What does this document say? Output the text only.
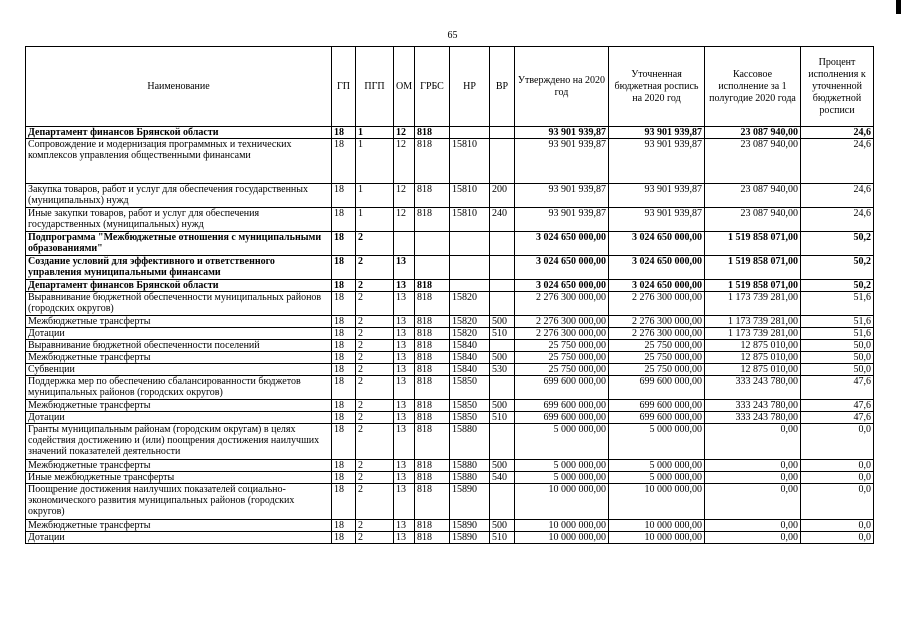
65
Наименование	ГП	ПГП	ОМ	ГРБС	НР	ВР	Утверждено на 2020 год	Уточненная бюджетная роспись на 2020 год	Кассовое исполнение за 1 полугодие 2020 года	Процент исполнения к уточненной бюджетной росписи
Департамент финансов Брянской области	18	1	12	818			93 901 939,87	93 901 939,87	23 087 940,00	24,6
Сопровождение и модернизация программных и технических комплексов управления общественными финансами	18	1	12	818	15810		93 901 939,87	93 901 939,87	23 087 940,00	24,6
Закупка товаров, работ и услуг для обеспечения государственных (муниципальных) нужд	18	1	12	818	15810	200	93 901 939,87	93 901 939,87	23 087 940,00	24,6
Иные закупки товаров, работ и услуг для обеспечения государственных (муниципальных) нужд	18	1	12	818	15810	240	93 901 939,87	93 901 939,87	23 087 940,00	24,6
Подпрограмма "Межбюджетные отношения с муниципальными образованиями"	18	2					3 024 650 000,00	3 024 650 000,00	1 519 858 071,00	50,2
Создание условий для эффективного и ответственного управления муниципальными финансами	18	2	13				3 024 650 000,00	3 024 650 000,00	1 519 858 071,00	50,2
Департамент финансов Брянской области	18	2	13	818			3 024 650 000,00	3 024 650 000,00	1 519 858 071,00	50,2
Выравнивание бюджетной обеспеченности муниципальных районов (городских округов)	18	2	13	818	15820		2 276 300 000,00	2 276 300 000,00	1 173 739 281,00	51,6
Межбюджетные трансферты	18	2	13	818	15820	500	2 276 300 000,00	2 276 300 000,00	1 173 739 281,00	51,6
Дотации	18	2	13	818	15820	510	2 276 300 000,00	2 276 300 000,00	1 173 739 281,00	51,6
Выравнивание бюджетной обеспеченности поселений	18	2	13	818	15840		25 750 000,00	25 750 000,00	12 875 010,00	50,0
Межбюджетные трансферты	18	2	13	818	15840	500	25 750 000,00	25 750 000,00	12 875 010,00	50,0
Субвенции	18	2	13	818	15840	530	25 750 000,00	25 750 000,00	12 875 010,00	50,0
Поддержка мер по обеспечению сбалансированности бюджетов муниципальных районов (городских округов)	18	2	13	818	15850		699 600 000,00	699 600 000,00	333 243 780,00	47,6
Межбюджетные трансферты	18	2	13	818	15850	500	699 600 000,00	699 600 000,00	333 243 780,00	47,6
Дотации	18	2	13	818	15850	510	699 600 000,00	699 600 000,00	333 243 780,00	47,6
Гранты муниципальным районам (городским округам) в целях содействия достижению и (или) поощрения достижения наилучших значений показателей деятельности	18	2	13	818	15880		5 000 000,00	5 000 000,00	0,00	0,0
Межбюджетные трансферты	18	2	13	818	15880	500	5 000 000,00	5 000 000,00	0,00	0,0
Иные межбюджетные трансферты	18	2	13	818	15880	540	5 000 000,00	5 000 000,00	0,00	0,0
Поощрение достижения наилучших показателей социально-экономического развития муниципальных районов (городских округов)	18	2	13	818	15890		10 000 000,00	10 000 000,00	0,00	0,0
Межбюджетные трансферты	18	2	13	818	15890	500	10 000 000,00	10 000 000,00	0,00	0,0
Дотации	18	2	13	818	15890	510	10 000 000,00	10 000 000,00	0,00	0,0
